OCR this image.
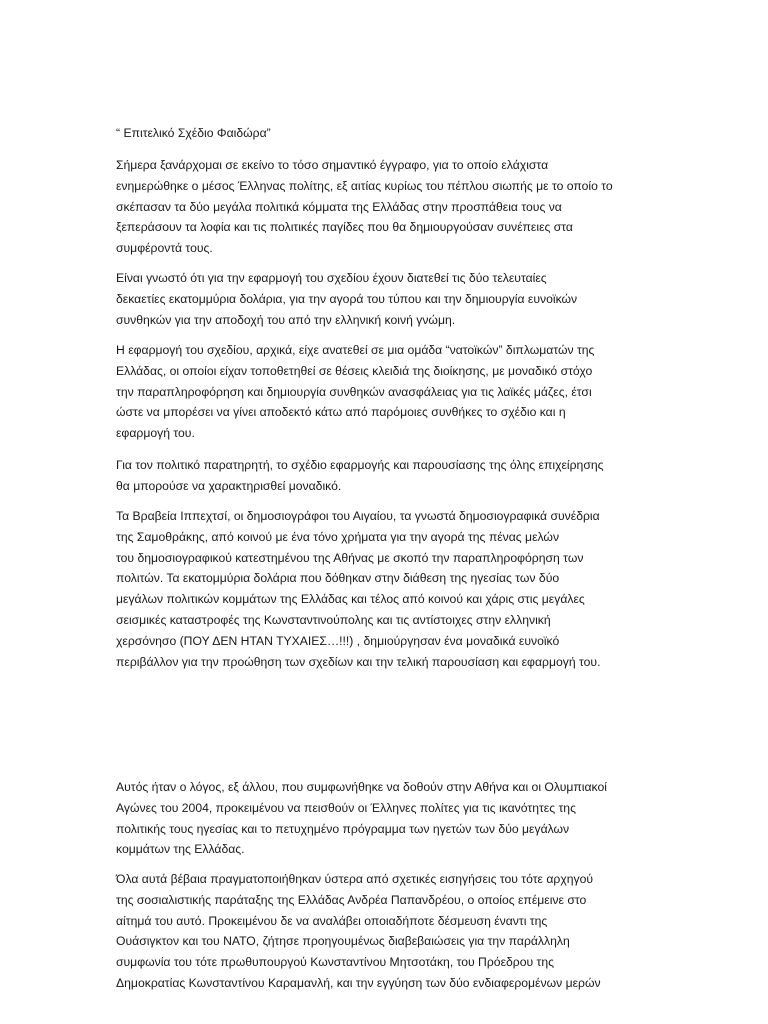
“ Επιτελικό Σχέδιο Φαιδώρα”
Σήμερα ξανάρχομαι σε εκείνο το τόσο σημαντικό έγγραφο, για το οποίο ελάχιστα
ενημερώθηκε ο μέσος Έλληνας πολίτης, εξ αιτίας κυρίως του πέπλου σιωπής με το οποίο το
σκέπασαν τα δύο μεγάλα πολιτικά κόμματα της Ελλάδας στην προσπάθεια τους να
ξεπεράσουν τα λοφία και τις πολιτικές παγίδες που θα δημιουργούσαν συνέπειες στα
συμφέροντά τους.
Είναι γνωστό ότι για την εφαρμογή του σχεδίου έχουν διατεθεί τις δύο τελευταίες
δεκαετίες εκατομμύρια δολάρια, για την αγορά του τύπου και την δημιουργία ευνοϊκών
συνθηκών για την αποδοχή του από την ελληνική κοινή γνώμη.
Η εφαρμογή του σχεδίου, αρχικά, είχε ανατεθεί σε μια ομάδα “νατοϊκών” διπλωματών της
Ελλάδας, οι οποίοι είχαν τοποθετηθεί σε θέσεις κλειδιά της διοίκησης, με μοναδικό στόχο
την παραπληροφόρηση και δημιουργία συνθηκών ανασφάλειας για τις λαϊκές μάζες, έτσι
ώστε να μπορέσει να γίνει αποδεκτό κάτω από παρόμοιες συνθήκες το σχέδιο και η
εφαρμογή του.
Για τον πολιτικό παρατηρητή, το σχέδιο εφαρμογής και παρουσίασης της όλης επιχείρησης
θα μπορούσε να χαρακτηρισθεί μοναδικό.
Τα Βραβεία Ιππεχτσί, οι δημοσιογράφοι του Αιγαίου, τα γνωστά δημοσιογραφικά συνέδρια
της Σαμοθράκης, από κοινού με ένα τόνο χρήματα για την αγορά της πένας μελών
του δημοσιογραφικού κατεστημένου της Αθήνας με σκοπό την παραπληροφόρηση των
πολιτών. Τα εκατομμύρια δολάρια που δόθηκαν στην διάθεση της ηγεσίας των δύο
μεγάλων πολιτικών κομμάτων της Ελλάδας και τέλος από κοινού και χάρις στις μεγάλες
σεισμικές καταστροφές της Κωνσταντινούπολης και τις αντίστοιχες στην ελληνική
χερσόνησο (ΠΟΥ ΔΕΝ ΗΤΑΝ ΤΥΧΑΙΕΣ…!!!) , δημιούργησαν ένα μοναδικά ευνοϊκό
περιβάλλον για την προώθηση των σχεδίων και την τελική παρουσίαση και εφαρμογή του.
Αυτός ήταν ο λόγος, εξ άλλου, που συμφωνήθηκε να δοθούν στην Αθήνα και οι Ολυμπιακοί
Αγώνες του 2004, προκειμένου να πεισθούν οι Έλληνες πολίτες για τις ικανότητες της
πολιτικής τους ηγεσίας και το πετυχημένο πρόγραμμα των ηγετών των δύο μεγάλων
κομμάτων της Ελλάδας.
Όλα αυτά βέβαια πραγματοποιήθηκαν ύστερα από σχετικές εισηγήσεις του τότε αρχηγού
της σοσιαλιστικής παράταξης της Ελλάδας Ανδρέα Παπανδρέου, ο οποίος επέμεινε στο
αίτημά του αυτό. Προκειμένου δε να αναλάβει οποιαδήποτε δέσμευση έναντι της
Ουάσιγκτον και του ΝΑΤΟ, ζήτησε προηγουμένως διαβεβαιώσεις για την παράλληλη
συμφωνία του τότε πρωθυπουργού Κωνσταντίνου Μητσοτάκη, του Πρόεδρου της
Δημοκρατίας Κωνσταντίνου Καραμανλή, και την εγγύηση των δύο ενδιαφερομένων μερών
